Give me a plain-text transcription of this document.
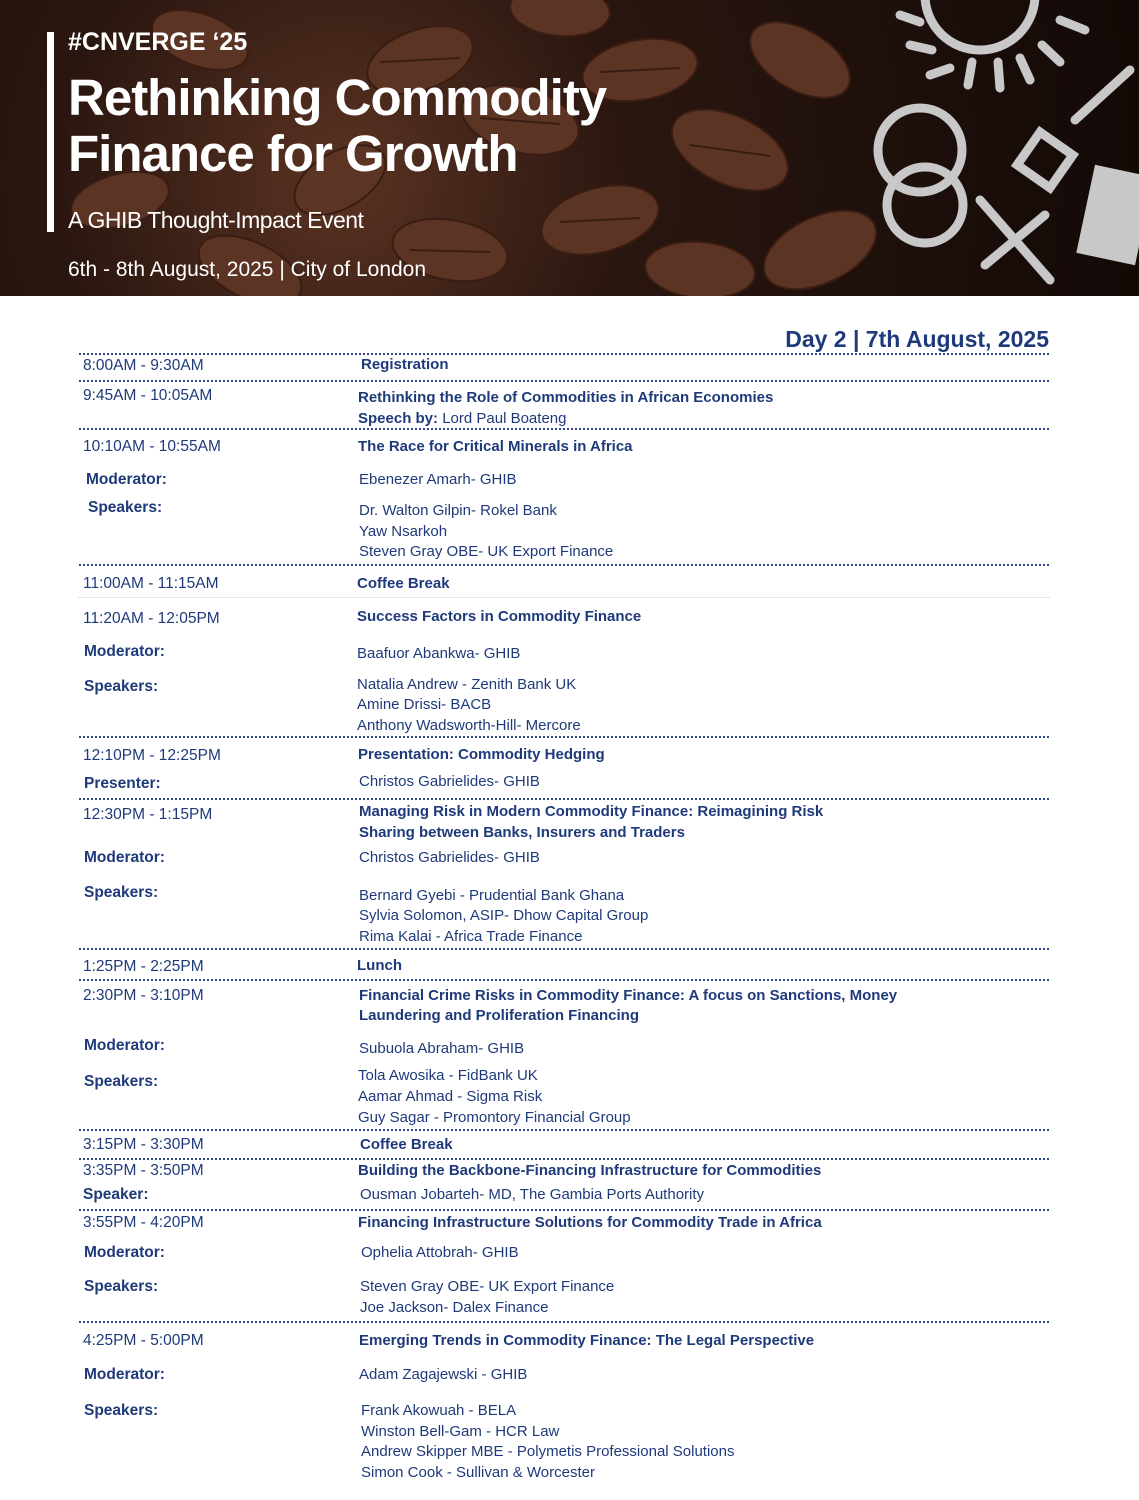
#CNVERGE ‘25
Rethinking Commodity
Finance for Growth
A GHIB Thought-Impact Event
6th - 8th August, 2025 | City of London
Day 2 | 7th August, 2025
8:00AM - 9:30AM	Registration
9:45AM - 10:05AM	Rethinking the Role of Commodities in African Economies
Speech by: Lord Paul Boateng
10:10AM - 10:55AM	The Race for Critical Minerals in Africa
Moderator:	Ebenezer Amarh- GHIB
Speakers:	Dr. Walton Gilpin- Rokel Bank
Yaw Nsarkoh
Steven Gray OBE- UK Export Finance
11:00AM - 11:15AM	Coffee Break
11:20AM - 12:05PM	Success Factors in Commodity Finance
Moderator:	Baafuor Abankwa- GHIB
Speakers:	Natalia Andrew - Zenith Bank UK
Amine Drissi- BACB
Anthony Wadsworth-Hill- Mercore
12:10PM - 12:25PM	Presentation: Commodity Hedging
Presenter:	Christos Gabrielides- GHIB
12:30PM - 1:15PM	Managing Risk in Modern Commodity Finance: Reimagining Risk
Sharing between Banks, Insurers and Traders
Moderator:	Christos Gabrielides- GHIB
Speakers:	Bernard Gyebi - Prudential Bank Ghana
Sylvia Solomon, ASIP- Dhow Capital Group
Rima Kalai - Africa Trade Finance
1:25PM - 2:25PM	Lunch
2:30PM - 3:10PM	Financial Crime Risks in Commodity Finance: A focus on Sanctions, Money
Laundering and Proliferation Financing
Moderator:	Subuola Abraham- GHIB
Speakers:	Tola Awosika - FidBank UK
Aamar Ahmad - Sigma Risk
Guy Sagar - Promontory Financial Group
3:15PM - 3:30PM	Coffee Break
3:35PM - 3:50PM	Building the Backbone-Financing Infrastructure for Commodities
Speaker:	Ousman Jobarteh- MD, The Gambia Ports Authority
3:55PM - 4:20PM	Financing Infrastructure Solutions for Commodity Trade in Africa
Moderator:	Ophelia Attobrah- GHIB
Speakers:	Steven Gray OBE- UK Export Finance
Joe Jackson- Dalex Finance
4:25PM - 5:00PM	Emerging Trends in Commodity Finance: The Legal Perspective
Moderator:	Adam Zagajewski - GHIB
Speakers:	Frank Akowuah - BELA
Winston Bell-Gam - HCR Law
Andrew Skipper MBE - Polymetis Professional Solutions
Simon Cook - Sullivan & Worcester
